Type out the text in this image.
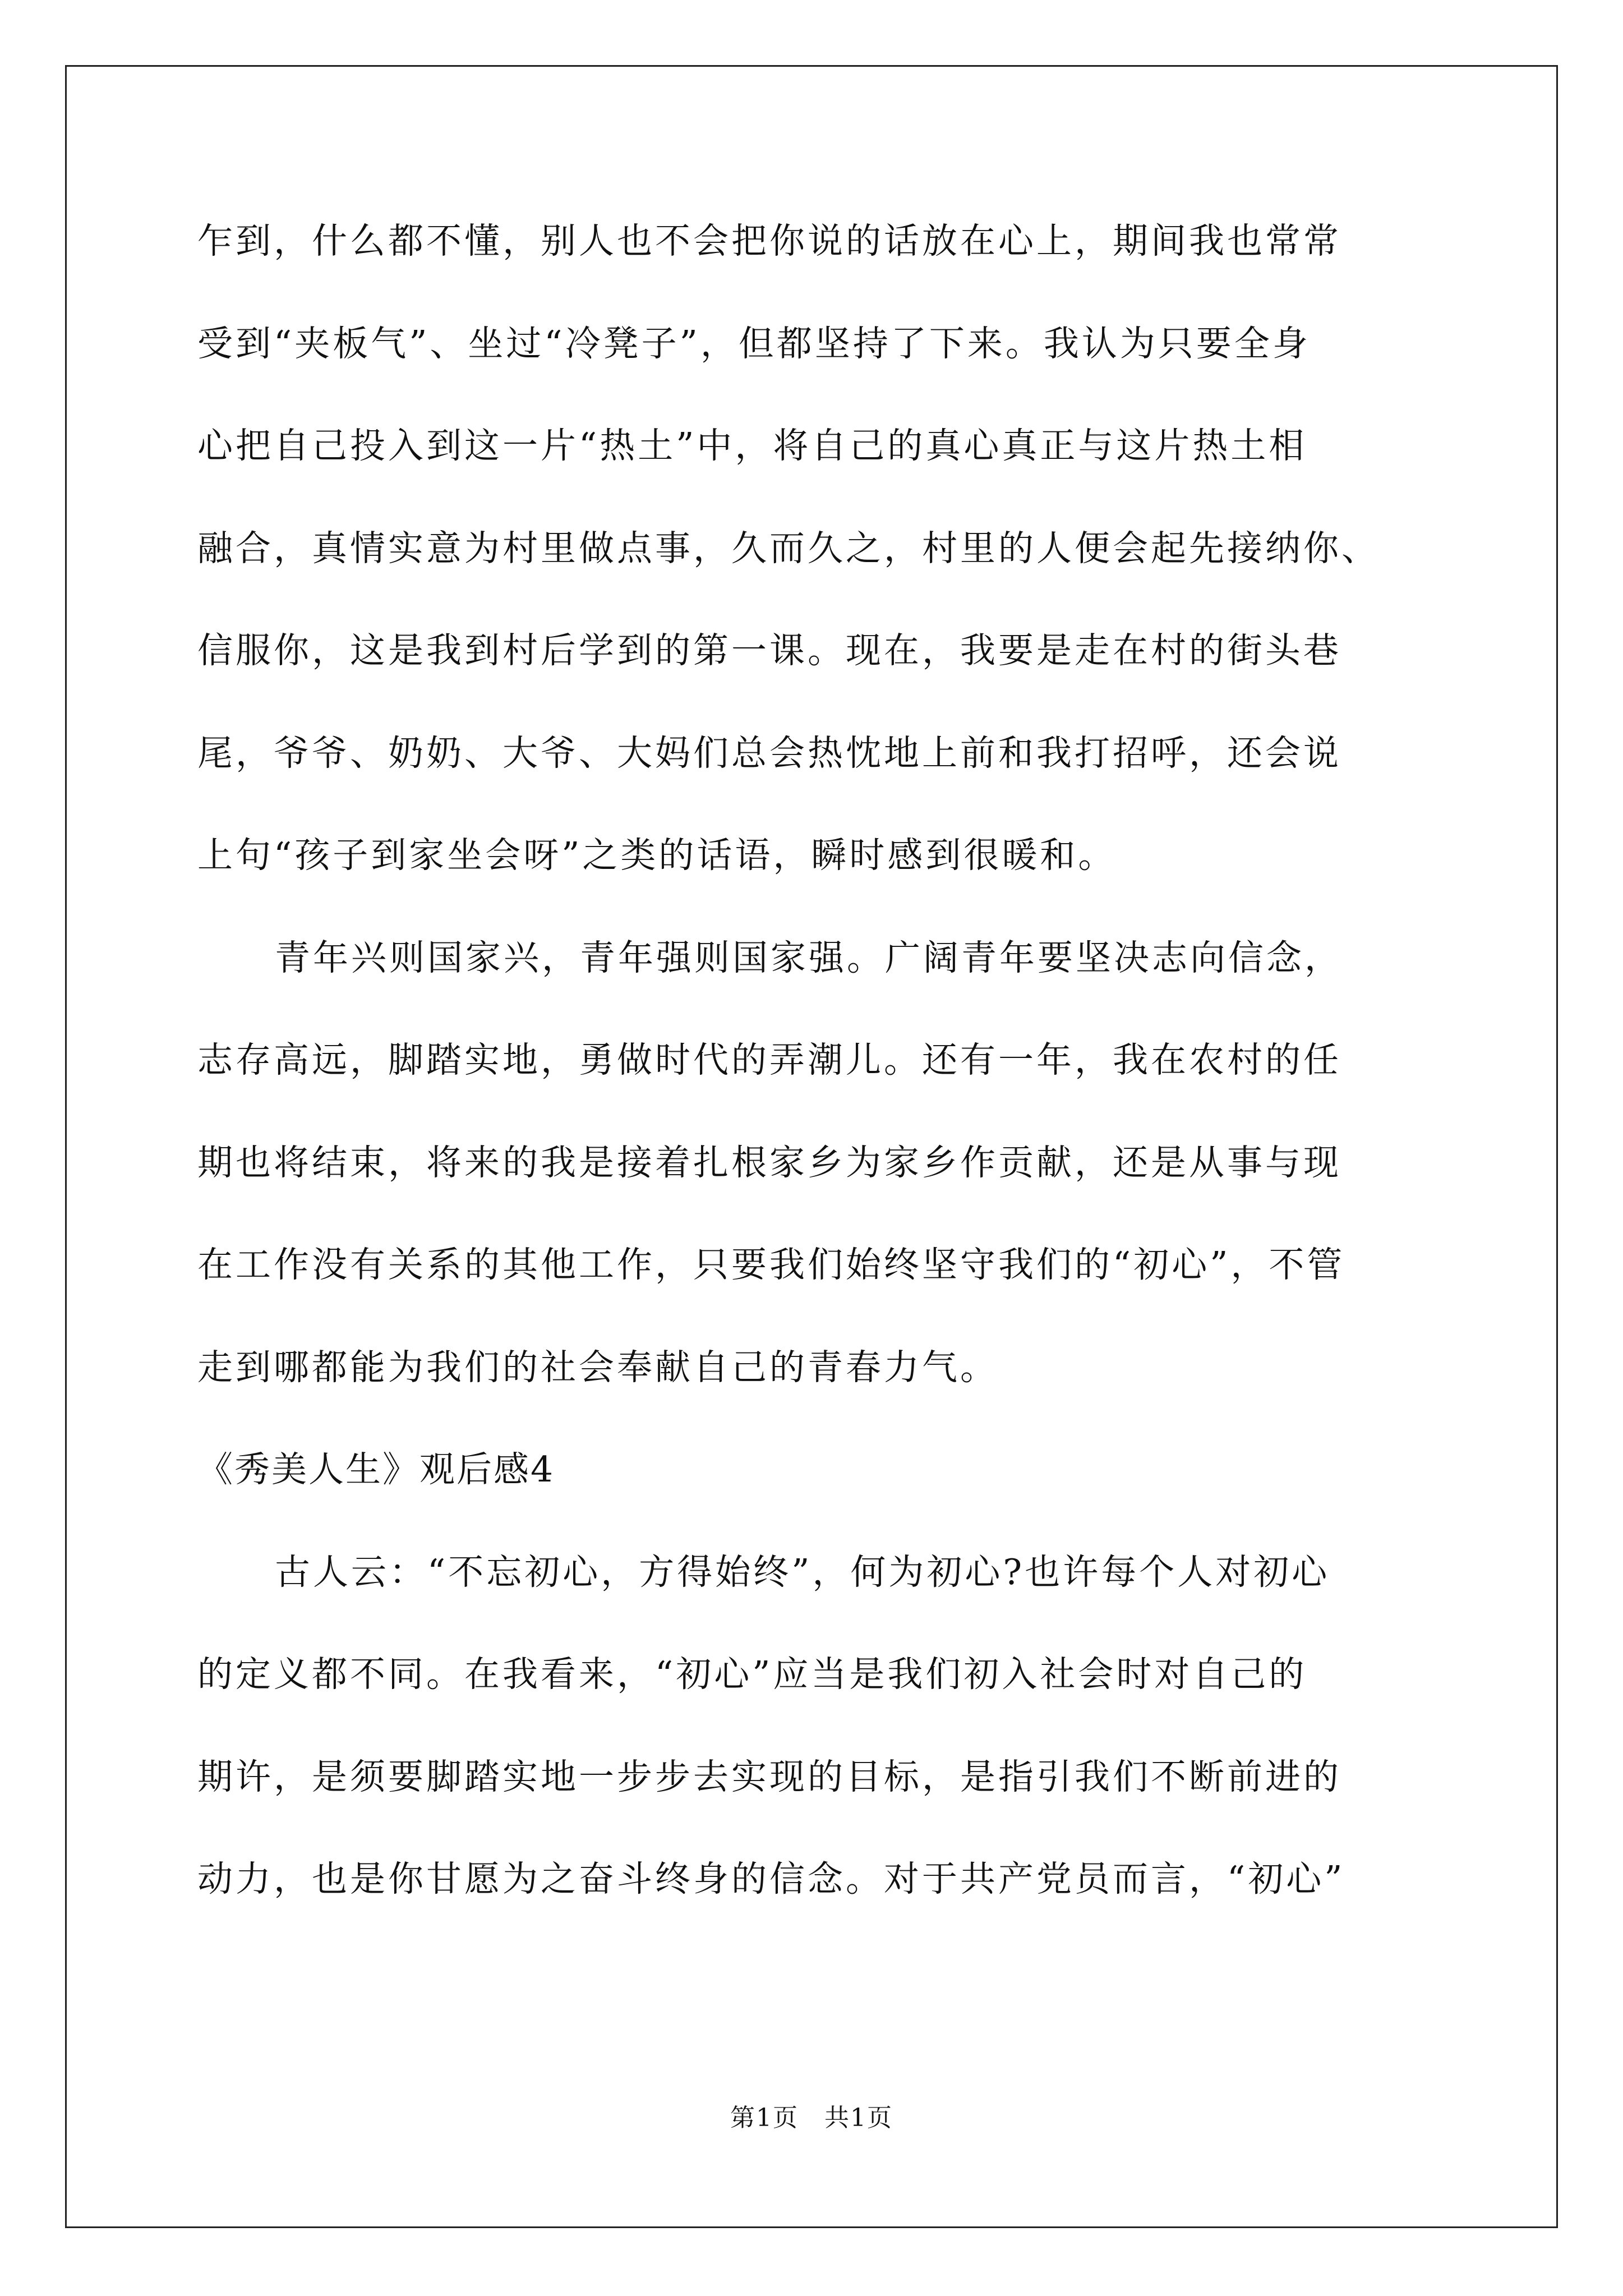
乍到，什么都不懂，别人也不会把你说的话放在心上，期间我也常常
受到“夹板气”、坐过“冷凳子”，但都坚持了下来。我认为只要全身
心把自己投入到这一片“热土”中，将自己的真心真正与这片热土相
融合，真情实意为村里做点事，久而久之，村里的人便会起先接纳你、
信服你，这是我到村后学到的第一课。现在，我要是走在村的街头巷
尾，爷爷、奶奶、大爷、大妈们总会热忱地上前和我打招呼，还会说
上句“孩子到家坐会呀”之类的话语，瞬时感到很暖和。
青年兴则国家兴，青年强则国家强。广阔青年要坚决志向信念，
志存高远，脚踏实地，勇做时代的弄潮儿。还有一年，我在农村的任
期也将结束，将来的我是接着扎根家乡为家乡作贡献，还是从事与现
在工作没有关系的其他工作，只要我们始终坚守我们的“初心”，不管
走到哪都能为我们的社会奉献自己的青春力气。
《秀美人生》观后感4
古人云：“不忘初心，方得始终”，何为初心?也许每个人对初心
的定义都不同。在我看来，“初心”应当是我们初入社会时对自己的
期许，是须要脚踏实地一步步去实现的目标，是指引我们不断前进的
动力，也是你甘愿为之奋斗终身的信念。对于共产党员而言，“初心”
第1页 共1页
